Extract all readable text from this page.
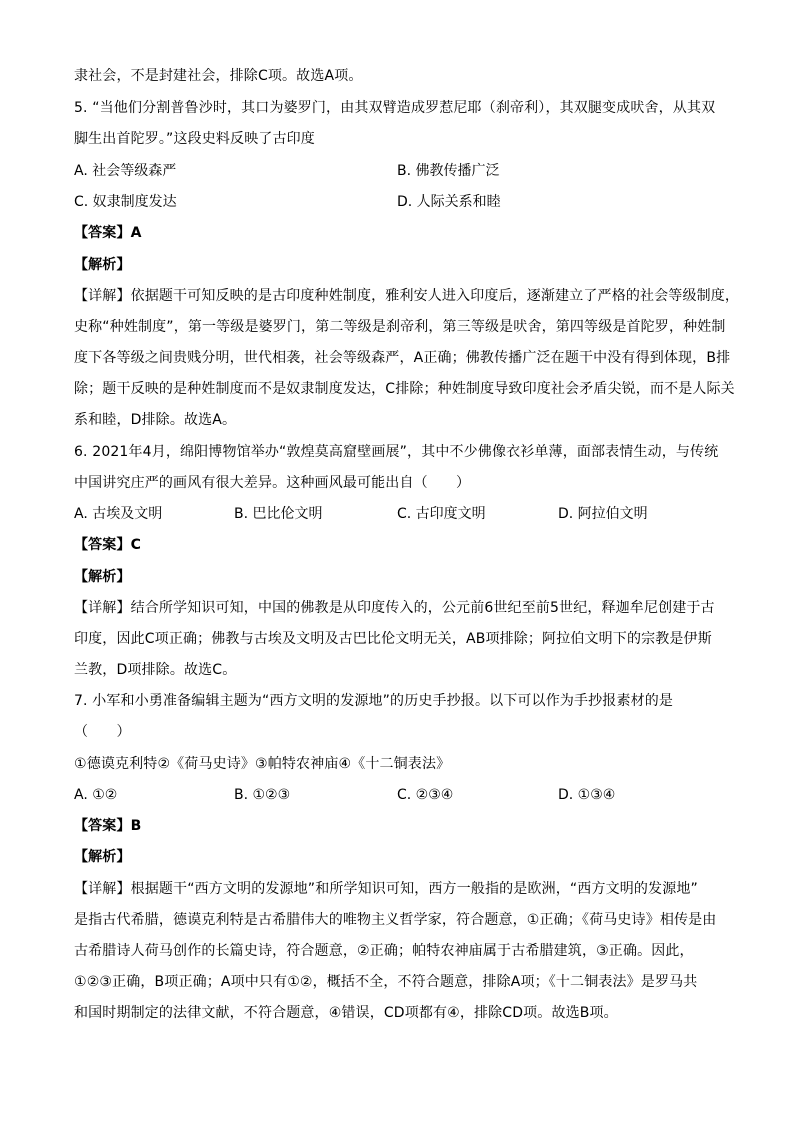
隶社会，不是封建社会，排除C项。故选A项。
5. “当他们分割普鲁沙时，其口为婆罗门，由其双臂造成罗惹尼耶（刹帝利），其双腿变成吠舍，从其双
脚生出首陀罗。”这段史料反映了古印度
A. 社会等级森严	B. 佛教传播广泛
C. 奴隶制度发达	D. 人际关系和睦
【答案】A
【解析】
【详解】依据题干可知反映的是古印度种姓制度，雅利安人进入印度后，逐渐建立了严格的社会等级制度，
史称“种姓制度”，第一等级是婆罗门，第二等级是刹帝利，第三等级是吠舍，第四等级是首陀罗，种姓制
度下各等级之间贵贱分明，世代相袭，社会等级森严，A正确；佛教传播广泛在题干中没有得到体现，B排
除；题干反映的是种姓制度而不是奴隶制度发达，C排除；种姓制度导致印度社会矛盾尖锐，而不是人际关
系和睦，D排除。故选A。
6. 2021年4月，绵阳博物馆举办“敦煌莫高窟壁画展”，其中不少佛像衣衫单薄，面部表情生动，与传统
中国讲究庄严的画风有很大差异。这种画风最可能出自（　　）
A. 古埃及文明	B. 巴比伦文明	C. 古印度文明	D. 阿拉伯文明
【答案】C
【解析】
【详解】结合所学知识可知，中国的佛教是从印度传入的，公元前6世纪至前5世纪，释迦牟尼创建于古
印度，因此C项正确；佛教与古埃及文明及古巴比伦文明无关，AB项排除；阿拉伯文明下的宗教是伊斯
兰教，D项排除。故选C。
7. 小军和小勇准备编辑主题为“西方文明的发源地”的历史手抄报。以下可以作为手抄报素材的是
（　　）
①德谟克利特②《荷马史诗》③帕特农神庙④《十二铜表法》
A. ①②	B. ①②③	C. ②③④	D. ①③④
【答案】B
【解析】
【详解】根据题干“西方文明的发源地”和所学知识可知，西方一般指的是欧洲，“西方文明的发源地”
是指古代希腊，德谟克利特是古希腊伟大的唯物主义哲学家，符合题意，①正确；《荷马史诗》相传是由
古希腊诗人荷马创作的长篇史诗，符合题意，②正确；帕特农神庙属于古希腊建筑，③正确。因此，
①②③正确，B项正确；A项中只有①②，概括不全，不符合题意，排除A项；《十二铜表法》是罗马共
和国时期制定的法律文献，不符合题意，④错误，CD项都有④，排除CD项。故选B项。
